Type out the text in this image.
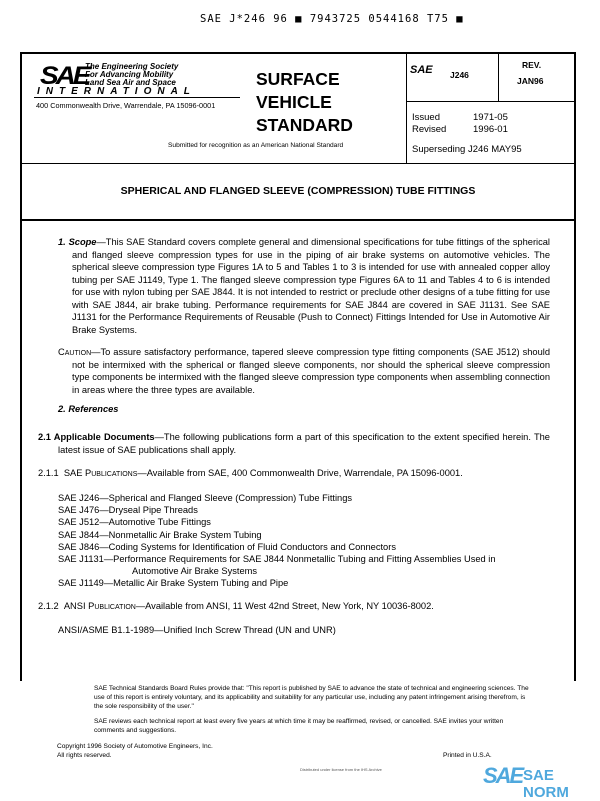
SAE J*246 96 ■ 7943725 0544168 T75 ■
SAE
The Engineering Society
For Advancing Mobility
Land Sea Air and Space
INTERNATIONAL
400 Commonwealth Drive, Warrendale, PA 15096-0001
SURFACE
VEHICLE
STANDARD
Submitted for recognition as an American National Standard
SAE J246
REV.
JAN96
Issued	1971-05
Revised	1996-01
Superseding J246 MAY95
SPHERICAL AND FLANGED SLEEVE (COMPRESSION) TUBE FITTINGS

1. Scope—This SAE Standard covers complete general and dimensional specifications for tube fittings of the spherical and flanged sleeve compression types for use in the piping of air brake systems on automotive vehicles. The spherical sleeve compression type Figures 1A to 5 and Tables 1 to 3 is intended for use with annealed copper alloy tubing per SAE J1149, Type 1. The flanged sleeve compression type Figures 6A to 11 and Tables 4 to 6 is intended for use with nylon tubing per SAE J844. It is not intended to restrict or preclude other designs of a tube fitting for use with SAE J844, air brake tubing. Performance requirements for SAE J844 are covered in SAE J1131. See SAE J1131 for the Performance Requirements of Reusable (Push to Connect) Fittings Intended for Use in Automotive Air Brake Systems.

Caution—To assure satisfactory performance, tapered sleeve compression type fitting components (SAE J512) should not be intermixed with the spherical or flanged sleeve components, nor should the spherical sleeve compression type components be intermixed with the flanged sleeve compression type components when assembling connection in areas where the three types are available.

2. References

2.1 Applicable Documents—The following publications form a part of this specification to the extent specified herein. The latest issue of SAE publications shall apply.

2.1.1 SAE Publications—Available from SAE, 400 Commonwealth Drive, Warrendale, PA 15096-0001.
SAE J246—Spherical and Flanged Sleeve (Compression) Tube Fittings
SAE J476—Dryseal Pipe Threads
SAE J512—Automotive Tube Fittings
SAE J844—Nonmetallic Air Brake System Tubing
SAE J846—Coding Systems for Identification of Fluid Conductors and Connectors
SAE J1131—Performance Requirements for SAE J844 Nonmetallic Tubing and Fitting Assemblies Used in
Automotive Air Brake Systems
SAE J1149—Metallic Air Brake System Tubing and Pipe
2.1.2 ANSI Publication—Available from ANSI, 11 West 42nd Street, New York, NY 10036-8002.
ANSI/ASME B1.1-1989—Unified Inch Screw Thread (UN and UNR)
SAE Technical Standards Board Rules provide that: "This report is published by SAE to advance the state of technical and engineering sciences. The use of this report is entirely voluntary, and its applicability and suitability for any particular use, including any patent infringement arising therefrom, is the sole responsibility of the user."
SAE reviews each technical report at least every five years at which time it may be reaffirmed, revised, or cancelled. SAE invites your written comments and suggestions.
Copyright 1996 Society of Automotive Engineers, Inc.
All rights reserved.	Printed in U.S.A.
Distributed under license from the IHS Archive	SAE SAE NORM
